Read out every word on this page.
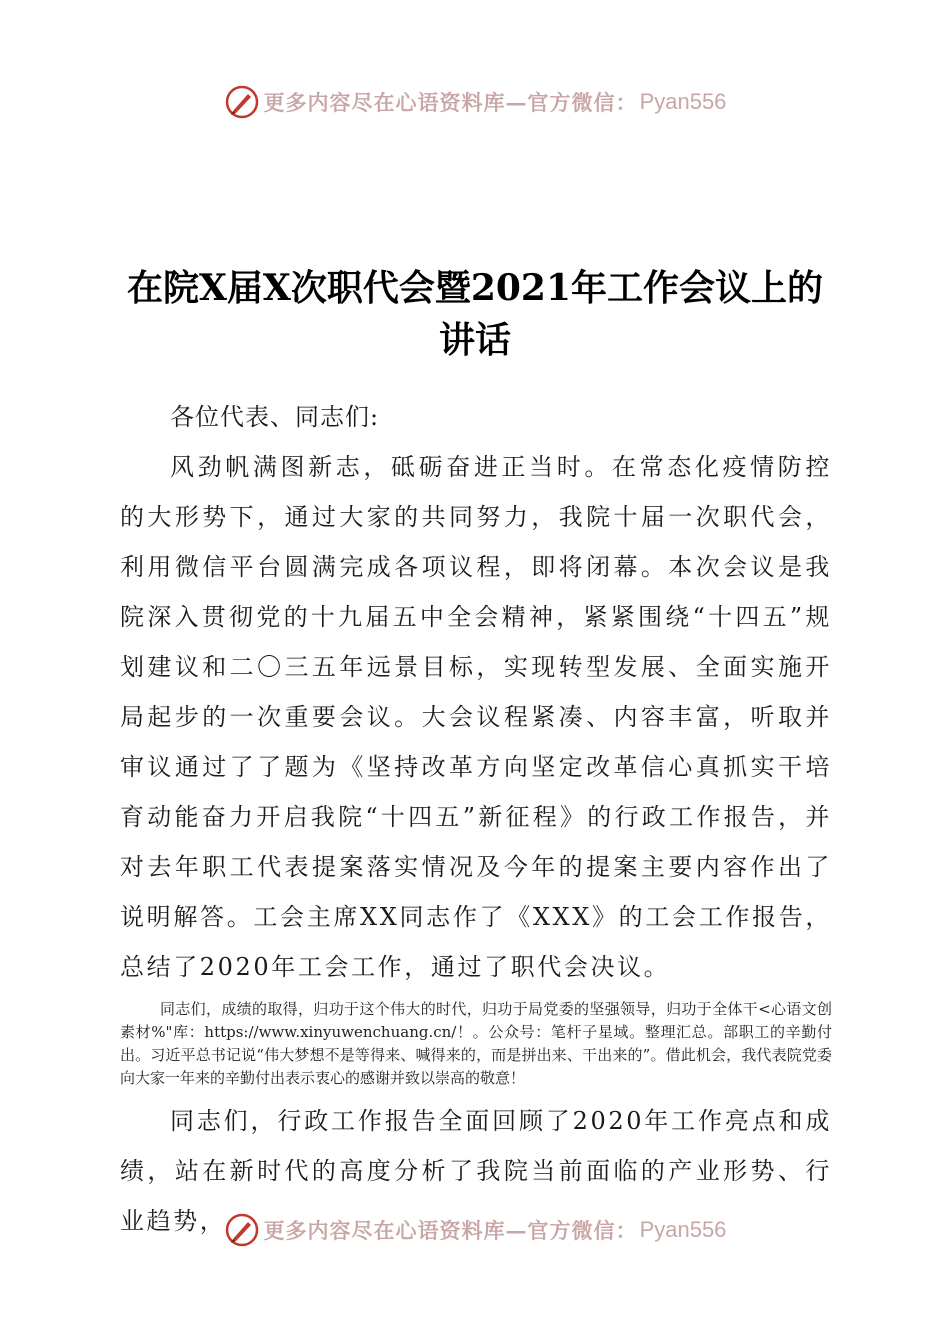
更多内容尽在心语资料库—官方微信： Pyan556
在院X届X次职代会暨2021年工作会议上的
讲话

各位代表、同志们:

风劲帆满图新志，砥砺奋进正当时。在常态化疫情防控的大形势下，通过大家的共同努力，我院十届一次职代会，利用微信平台圆满完成各项议程，即将闭幕。本次会议是我院深入贯彻党的十九届五中全会精神，紧紧围绕“十四五”规划建议和二〇三五年远景目标，实现转型发展、全面实施开局起步的一次重要会议。大会议程紧凑、内容丰富，听取并审议通过了了题为《坚持改革方向坚定改革信心真抓实干培育动能奋力开启我院“十四五”新征程》的行政工作报告，并对去年职工代表提案落实情况及今年的提案主要内容作出了说明解答。工会主席XX同志作了《XXX》的工会工作报告，总结了2020年工会工作，通过了职代会决议。

同志们，成绩的取得，归功于这个伟大的时代，归功于局党委的坚强领导，归功于全体干<心语文创素材%"库：https://www.xinyuwenchuang.cn/！。公众号：笔杆子星域。整理汇总。部职工的辛勤付出。习近平总书记说“伟大梦想不是等得来、喊得来的，而是拼出来、干出来的”。借此机会，我代表院党委向大家一年来的辛勤付出表示衷心的感谢并致以崇高的敬意！

同志们，行政工作报告全面回顾了2020年工作亮点和成绩，站在新时代的高度分析了我院当前面临的产业形势、行业趋势，	更多内容尽在心语资料库—官方微信： Pyan556
